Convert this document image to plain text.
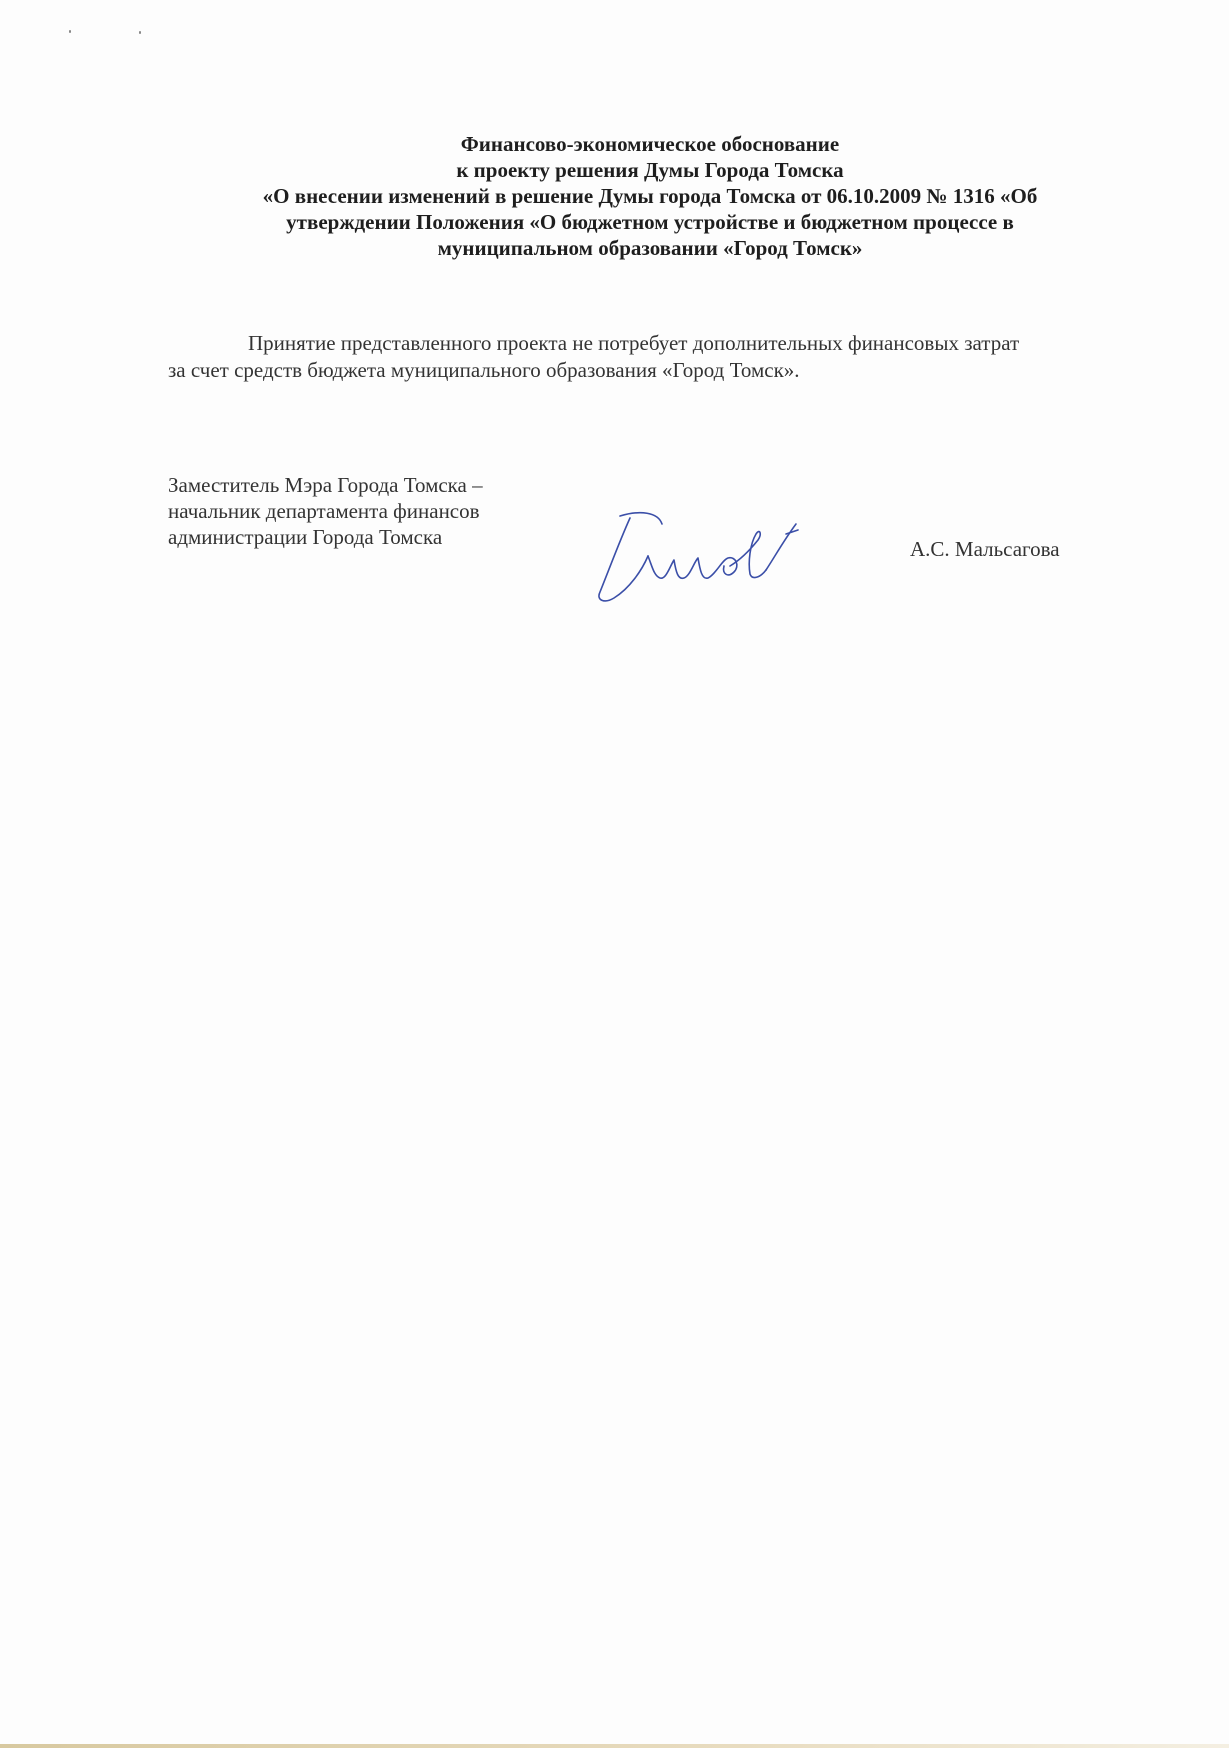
Финансово-экономическое обоснование
к проекту решения Думы Города Томска
«О внесении изменений в решение Думы города Томска от 06.10.2009 № 1316 «Об
утверждении Положения «О бюджетном устройстве и бюджетном процессе в
муниципальном образовании «Город Томск»
Принятие представленного проекта не потребует дополнительных финансовых затрат
за счет средств бюджета муниципального образования «Город Томск».
Заместитель Мэра Города Томска –
начальник департамента финансов
администрации Города Томска	А.С. Мальсагова
